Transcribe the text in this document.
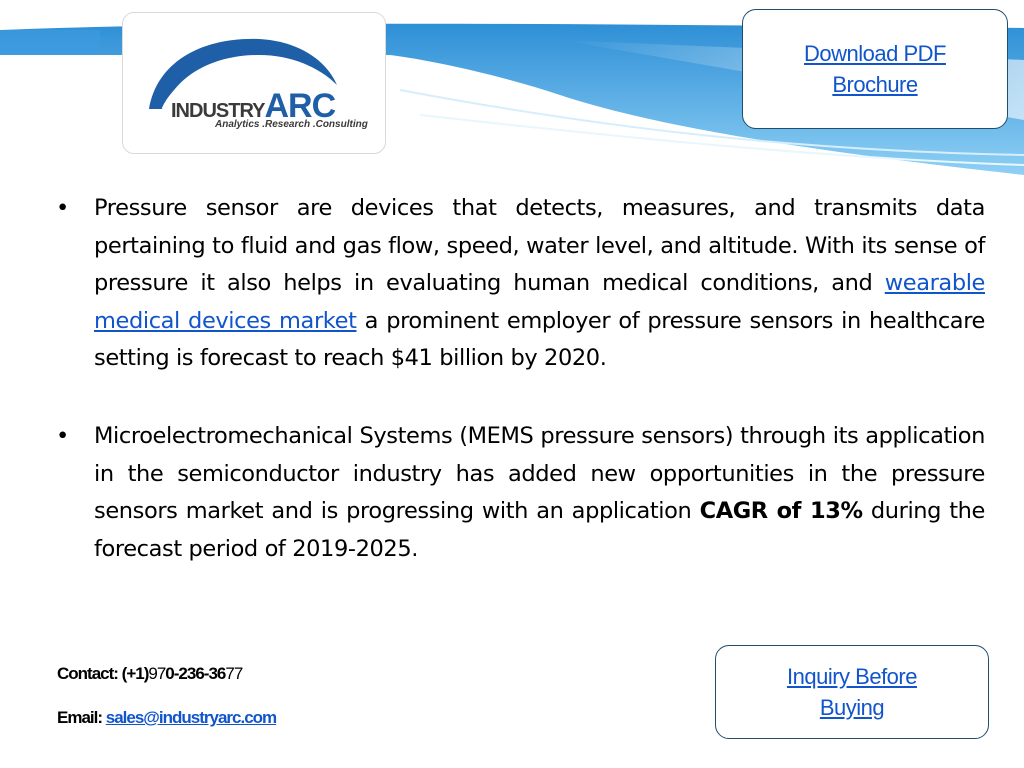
INDUSTRYARC
Analytics .Research .Consulting
Download PDF
Brochure
• Pressure sensor are devices that detects, measures, and transmits data pertaining to fluid and gas flow, speed, water level, and altitude. With its sense of pressure it also helps in evaluating human medical conditions, and wearable medical devices market a prominent employer of pressure sensors in healthcare setting is forecast to reach $41 billion by 2020.
• Microelectromechanical Systems (MEMS pressure sensors) through its application in the semiconductor industry has added new opportunities in the pressure sensors market and is progressing with an application CAGR of 13% during the forecast period of 2019-2025.
Contact: (+1)970-236-3677
Email: sales@industryarc.com
Inquiry Before
Buying
